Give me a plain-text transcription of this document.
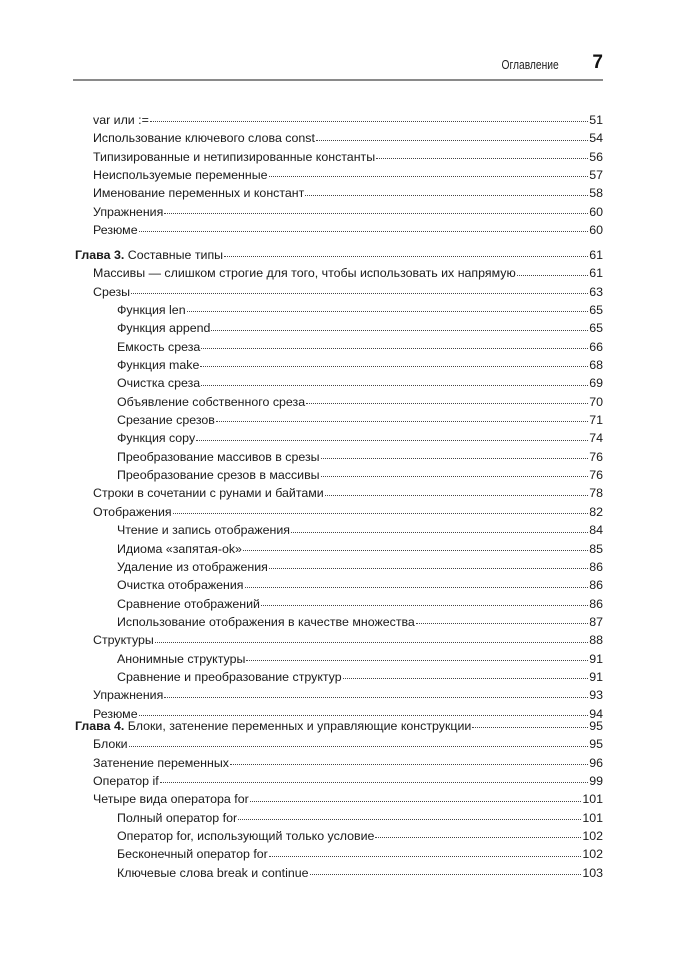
Оглавление 7
var или :=	51
Использование ключевого слова const	54
Типизированные и нетипизированные константы	56
Неиспользуемые переменные	57
Именование переменных и констант	58
Упражнения	60
Резюме	60
Глава 3. Составные типы	61
Массивы — слишком строгие для того, чтобы использовать их напрямую	61
Срезы	63
Функция len	65
Функция append	65
Емкость среза	66
Функция make	68
Очистка среза	69
Объявление собственного среза	70
Срезание срезов	71
Функция copy	74
Преобразование массивов в срезы	76
Преобразование срезов в массивы	76
Строки в сочетании с рунами и байтами	78
Отображения	82
Чтение и запись отображения	84
Идиома «запятая-ok»	85
Удаление из отображения	86
Очистка отображения	86
Сравнение отображений	86
Использование отображения в качестве множества	87
Структуры	88
Анонимные структуры	91
Сравнение и преобразование структур	91
Упражнения	93
Резюме	94
Глава 4. Блоки, затенение переменных и управляющие конструкции	95
Блоки	95
Затенение переменных	96
Оператор if	99
Четыре вида оператора for	101
Полный оператор for	101
Оператор for, использующий только условие	102
Бесконечный оператор for	102
Ключевые слова break и continue	103
